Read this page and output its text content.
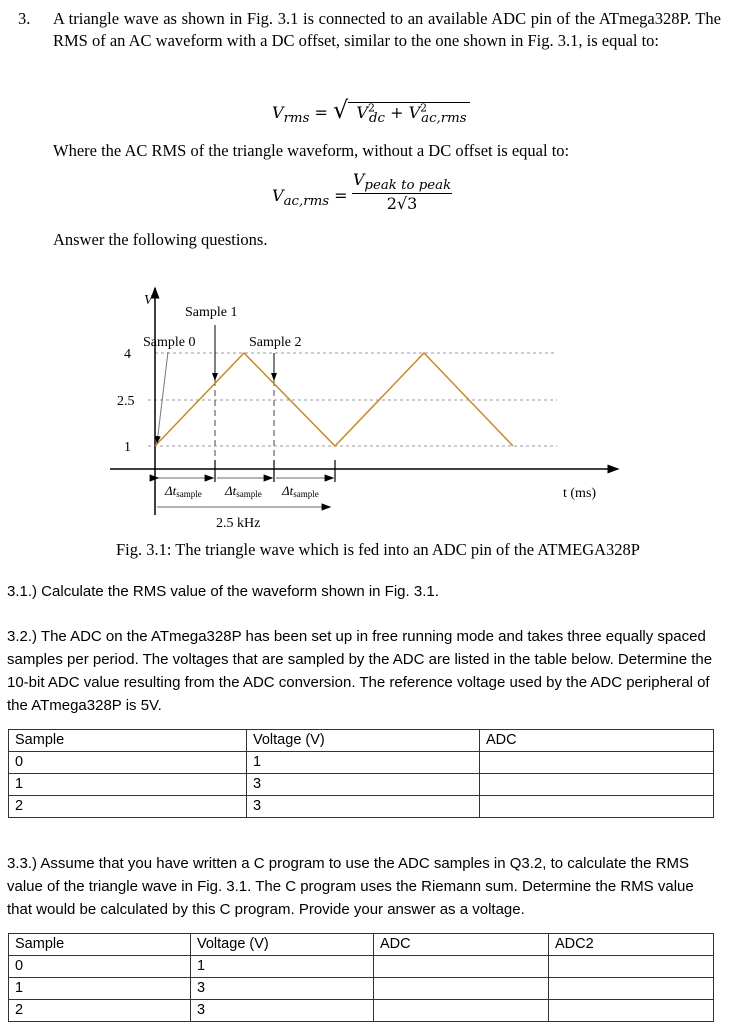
3. A triangle wave as shown in Fig. 3.1 is connected to an available ADC pin of the ATmega328P. The RMS of an AC waveform with a DC offset, similar to the one shown in Fig. 3.1, is equal to:
$V_{rms}$ = √ $V^2_{dc} + V^2_{ac,rms}$
Where the AC RMS of the triangle waveform, without a DC offset is equal to:
$V_{ac,rms}$ =
$V_{peak to peak}$
2√3
Answer the following questions.
V
4
2.5
1
Sample 0
Sample 1
Sample 2
Δtsample Δtsample Δtsample	t (ms)
2.5 kHz
Fig. 3.1: The triangle wave which is fed into an ADC pin of the ATMEGA328P
3.1.) Calculate the RMS value of the waveform shown in Fig. 3.1.
3.2.) The ADC on the ATmega328P has been set up in free running mode and takes three equally spaced samples per period. The voltages that are sampled by the ADC are listed in the table below. Determine the 10-bit ADC value resulting from the ADC conversion. The reference voltage used by the ADC peripheral of the ATmega328P is 5V.
Sample	Voltage (V)	ADC
0	1	
1	3	
2	3	
3.3.) Assume that you have written a C program to use the ADC samples in Q3.2, to calculate the RMS value of the triangle wave in Fig. 3.1. The C program uses the Riemann sum. Determine the RMS value that would be calculated by this C program. Provide your answer as a voltage.
Sample	Voltage (V)	ADC	ADC2
0	1		
1	3		
2	3		
